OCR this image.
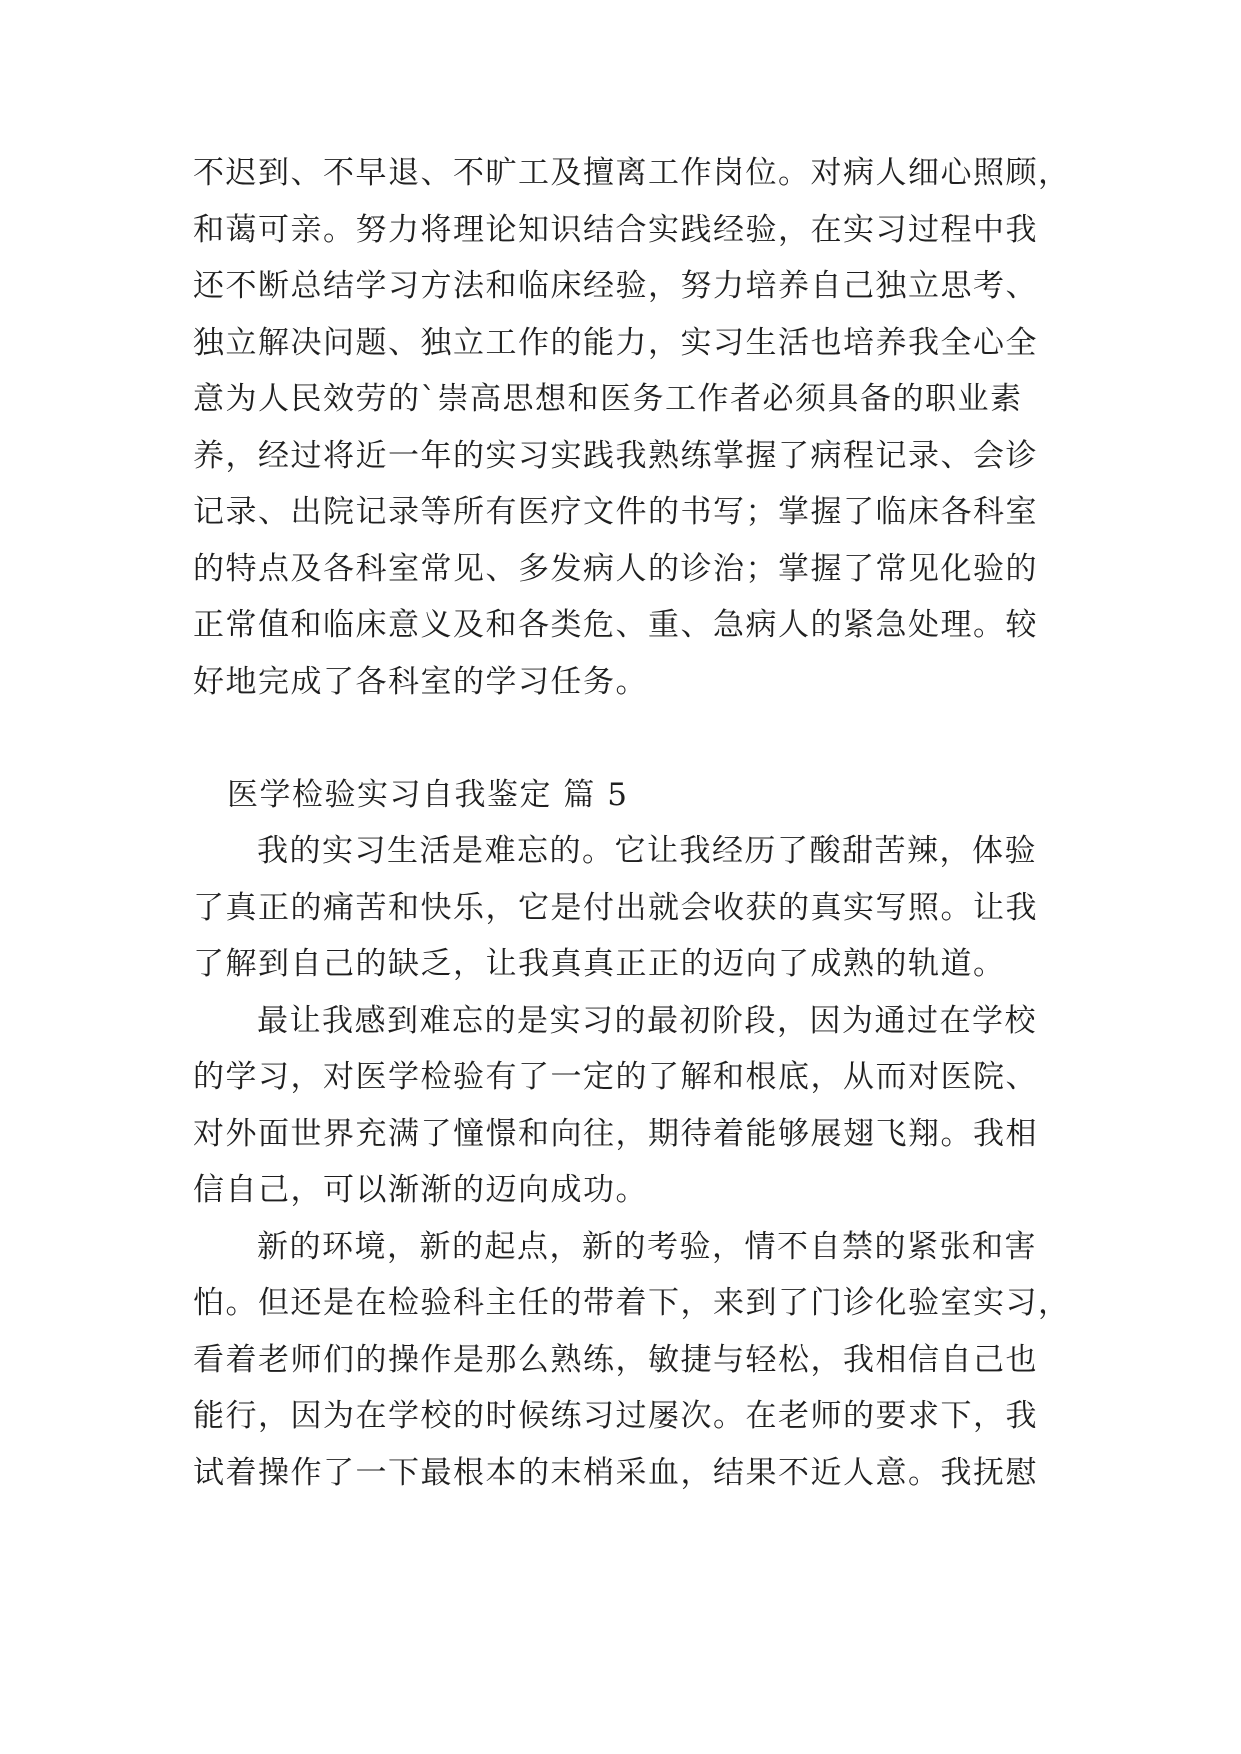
不迟到、不早退、不旷工及擅离工作岗位。对病人细心照顾，
和蔼可亲。努力将理论知识结合实践经验，在实习过程中我
还不断总结学习方法和临床经验，努力培养自己独立思考、
独立解决问题、独立工作的能力，实习生活也培养我全心全
意为人民效劳的`崇高思想和医务工作者必须具备的职业素
养，经过将近一年的实习实践我熟练掌握了病程记录、会诊
记录、出院记录等所有医疗文件的书写；掌握了临床各科室
的特点及各科室常见、多发病人的诊治；掌握了常见化验的
正常值和临床意义及和各类危、重、急病人的紧急处理。较
好地完成了各科室的学习任务。
医学检验实习自我鉴定 篇 5
我的实习生活是难忘的。它让我经历了酸甜苦辣，体验
了真正的痛苦和快乐，它是付出就会收获的真实写照。让我
了解到自己的缺乏，让我真真正正的迈向了成熟的轨道。
最让我感到难忘的是实习的最初阶段，因为通过在学校
的学习，对医学检验有了一定的了解和根底，从而对医院、
对外面世界充满了憧憬和向往，期待着能够展翅飞翔。我相
信自己，可以渐渐的迈向成功。
新的环境，新的起点，新的考验，情不自禁的紧张和害
怕。但还是在检验科主任的带着下，来到了门诊化验室实习，
看着老师们的操作是那么熟练，敏捷与轻松，我相信自己也
能行，因为在学校的时候练习过屡次。在老师的要求下，我
试着操作了一下最根本的末梢采血，结果不近人意。我抚慰
